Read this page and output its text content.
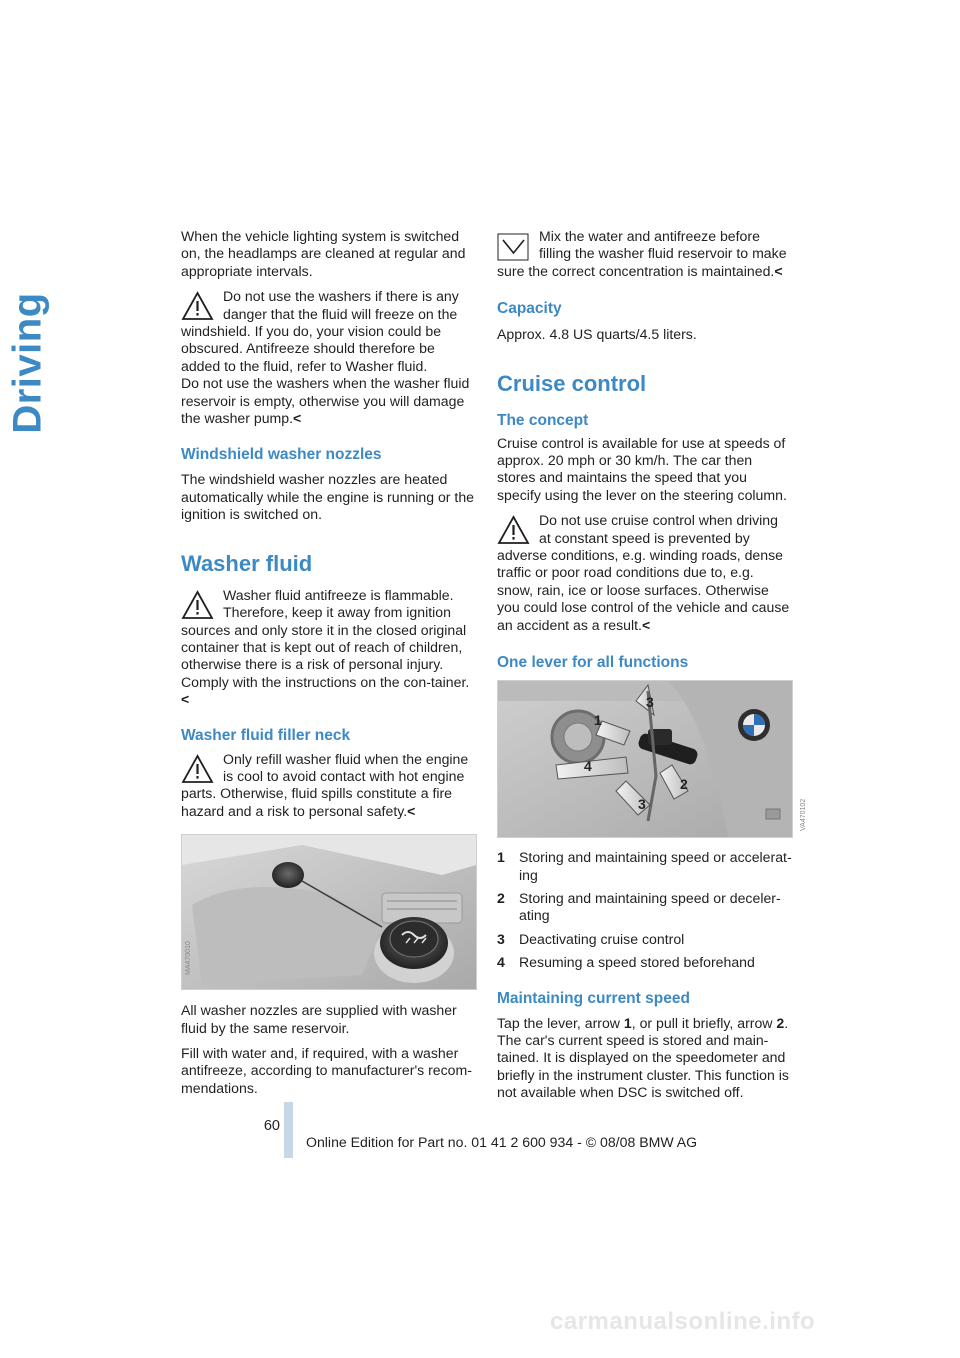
Driving

When the vehicle lighting system is switched on, the headlamps are cleaned at regular and appropriate intervals.

Do not use the washers if there is any danger that the fluid will freeze on the windshield. If you do, your vision could be obscured. Antifreeze should therefore be added to the fluid, refer to Washer fluid.

Do not use the washers when the washer fluid reservoir is empty, otherwise you will damage the washer pump.<

Windshield washer nozzles

The windshield washer nozzles are heated automatically while the engine is running or the ignition is switched on.

Washer fluid

Washer fluid antifreeze is flammable. Therefore, keep it away from ignition sources and only store it in the closed original container that is kept out of reach of children, otherwise there is a risk of personal injury. Comply with the instructions on the con-tainer.<

Washer fluid filler neck

Only refill washer fluid when the engine is cool to avoid contact with hot engine parts. Otherwise, fluid spills constitute a fire hazard and a risk to personal safety.<

MA470010

All washer nozzles are supplied with washer fluid by the same reservoir.

Fill with water and, if required, with a washer antifreeze, according to manufacturer's recom-mendations.

Mix the water and antifreeze before filling the washer fluid reservoir to make sure the correct concentration is maintained.<

Capacity

Approx. 4.8 US quarts/4.5 liters.

Cruise control
The concept

Cruise control is available for use at speeds of approx. 20 mph or 30 km/h. The car then stores and maintains the speed that you specify using the lever on the steering column.

Do not use cruise control when driving at constant speed is prevented by adverse conditions, e.g. winding roads, dense traffic or poor road conditions due to, e.g. snow, rain, ice or loose surfaces. Otherwise you could lose control of the vehicle and cause an accident as a result.<

One lever for all functions
3
1
4
2
3	VA470102
1	Storing and maintaining speed or accelerat-ing
2	Storing and maintaining speed or deceler-ating
3	Deactivating cruise control
4	Resuming a speed stored beforehand
Maintaining current speed

Tap the lever, arrow 1, or pull it briefly, arrow 2. The car's current speed is stored and main-tained. It is displayed on the speedometer and briefly in the instrument cluster. This function is not available when DSC is switched off.

60
Online Edition for Part no. 01 41 2 600 934 - © 08/08 BMW AG
carmanualsonline.info
